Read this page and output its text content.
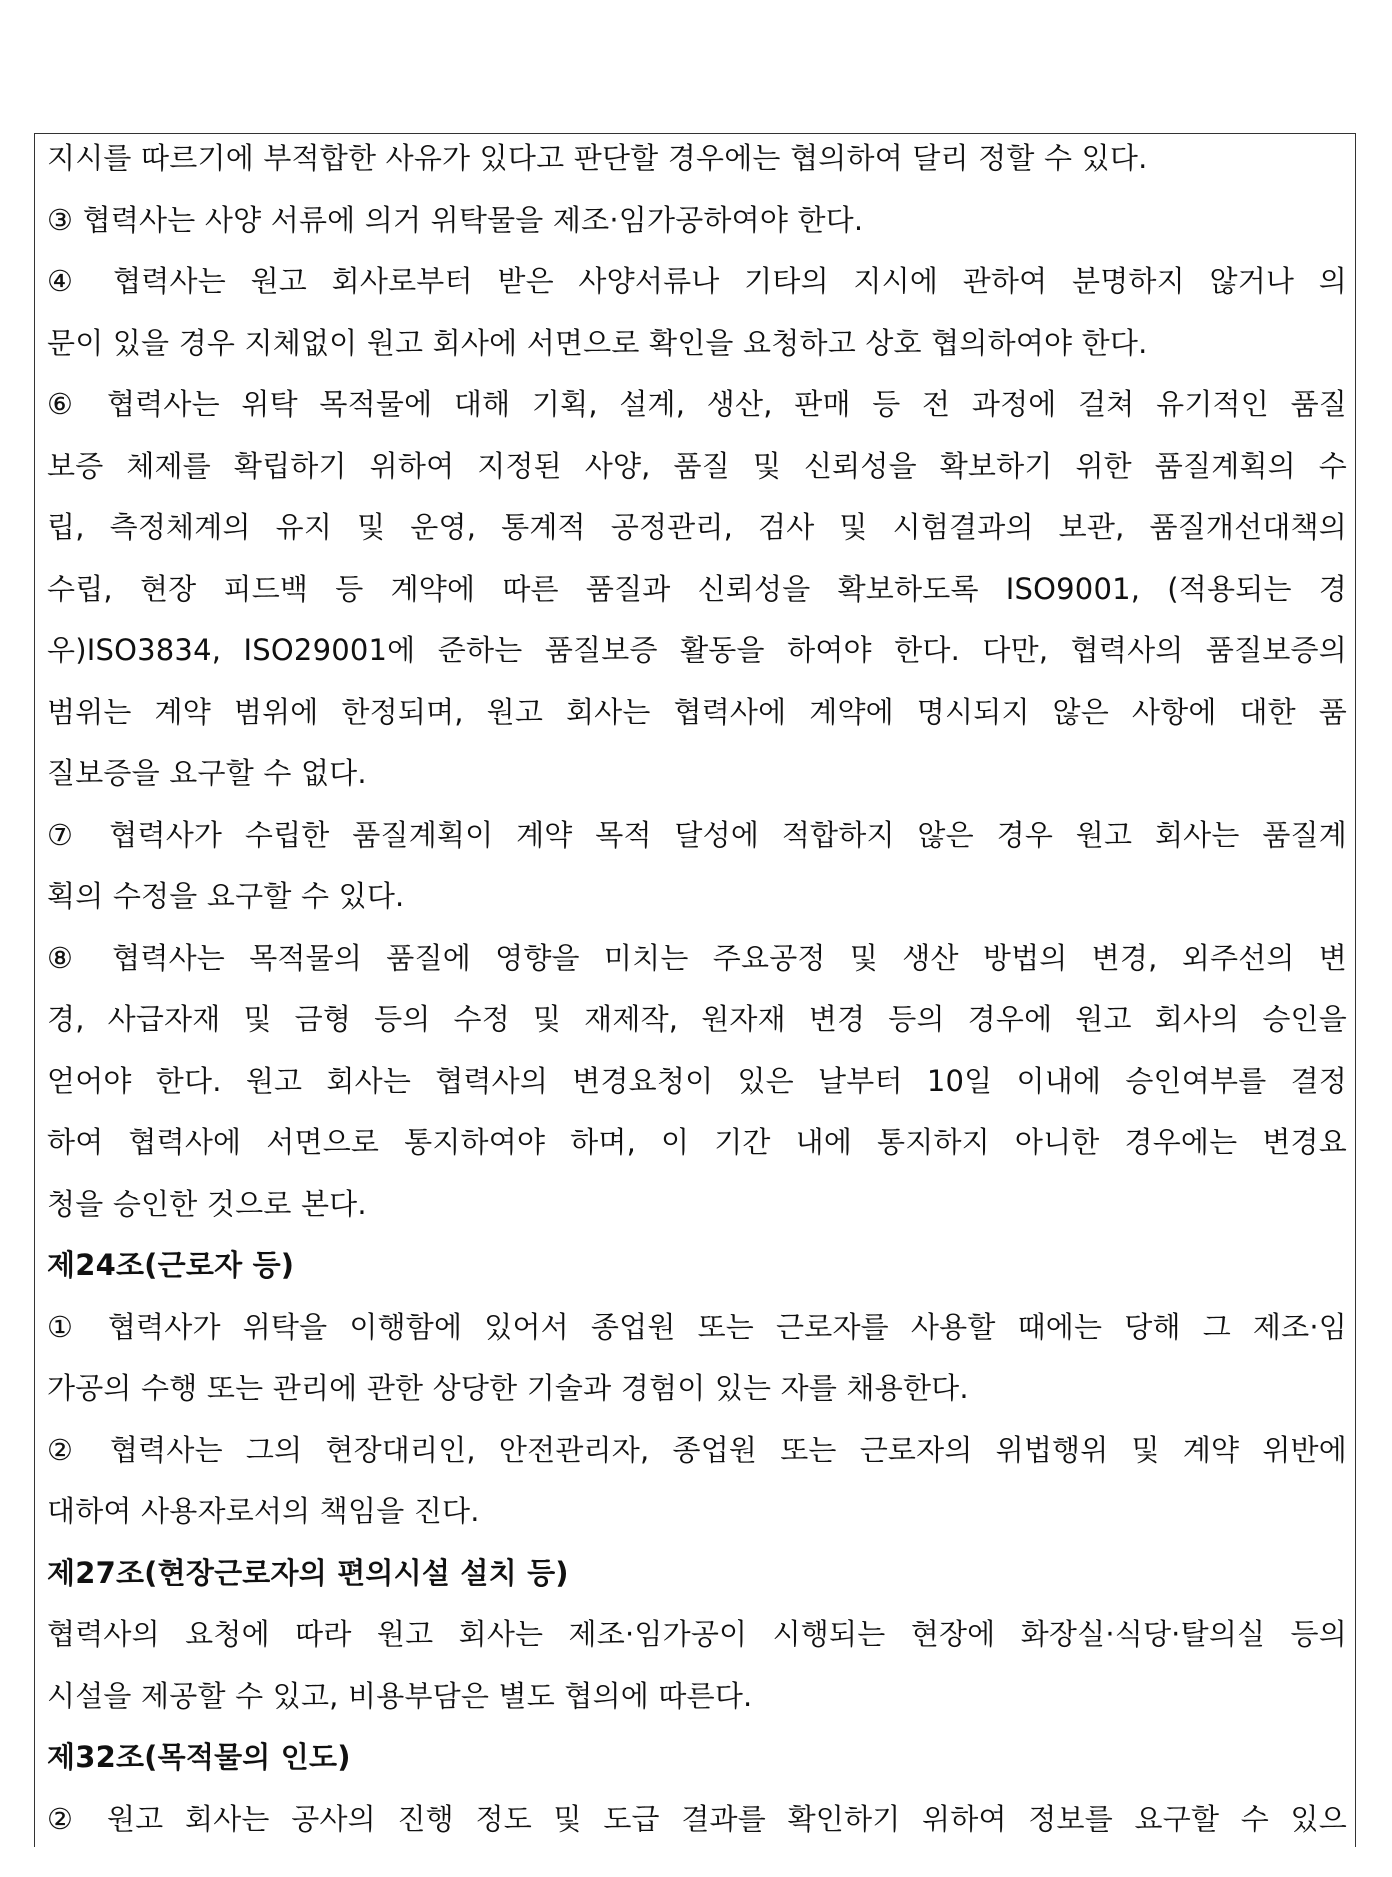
지시를 따르기에 부적합한 사유가 있다고 판단할 경우에는 협의하여 달리 정할 수 있다.
③ 협력사는 사양 서류에 의거 위탁물을 제조·임가공하여야 한다.
④ 협력사는 원고 회사로부터 받은 사양서류나 기타의 지시에 관하여 분명하지 않거나 의
문이 있을 경우 지체없이 원고 회사에 서면으로 확인을 요청하고 상호 협의하여야 한다.
⑥ 협력사는 위탁 목적물에 대해 기획, 설계, 생산, 판매 등 전 과정에 걸쳐 유기적인 품질
보증 체제를 확립하기 위하여 지정된 사양, 품질 및 신뢰성을 확보하기 위한 품질계획의 수
립, 측정체계의 유지 및 운영, 통계적 공정관리, 검사 및 시험결과의 보관, 품질개선대책의
수립, 현장 피드백 등 계약에 따른 품질과 신뢰성을 확보하도록 ISO9001, (적용되는 경
우)ISO3834, ISO29001에 준하는 품질보증 활동을 하여야 한다. 다만, 협력사의 품질보증의
범위는 계약 범위에 한정되며, 원고 회사는 협력사에 계약에 명시되지 않은 사항에 대한 품
질보증을 요구할 수 없다.
⑦ 협력사가 수립한 품질계획이 계약 목적 달성에 적합하지 않은 경우 원고 회사는 품질계
획의 수정을 요구할 수 있다.
⑧ 협력사는 목적물의 품질에 영향을 미치는 주요공정 및 생산 방법의 변경, 외주선의 변
경, 사급자재 및 금형 등의 수정 및 재제작, 원자재 변경 등의 경우에 원고 회사의 승인을
얻어야 한다. 원고 회사는 협력사의 변경요청이 있은 날부터 10일 이내에 승인여부를 결정
하여 협력사에 서면으로 통지하여야 하며, 이 기간 내에 통지하지 아니한 경우에는 변경요
청을 승인한 것으로 본다.
제24조(근로자 등)
① 협력사가 위탁을 이행함에 있어서 종업원 또는 근로자를 사용할 때에는 당해 그 제조·임
가공의 수행 또는 관리에 관한 상당한 기술과 경험이 있는 자를 채용한다.
② 협력사는 그의 현장대리인, 안전관리자, 종업원 또는 근로자의 위법행위 및 계약 위반에
대하여 사용자로서의 책임을 진다.
제27조(현장근로자의 편의시설 설치 등)
협력사의 요청에 따라 원고 회사는 제조·임가공이 시행되는 현장에 화장실·식당·탈의실 등의
시설을 제공할 수 있고, 비용부담은 별도 협의에 따른다.
제32조(목적물의 인도)
② 원고 회사는 공사의 진행 정도 및 도급 결과를 확인하기 위하여 정보를 요구할 수 있으
